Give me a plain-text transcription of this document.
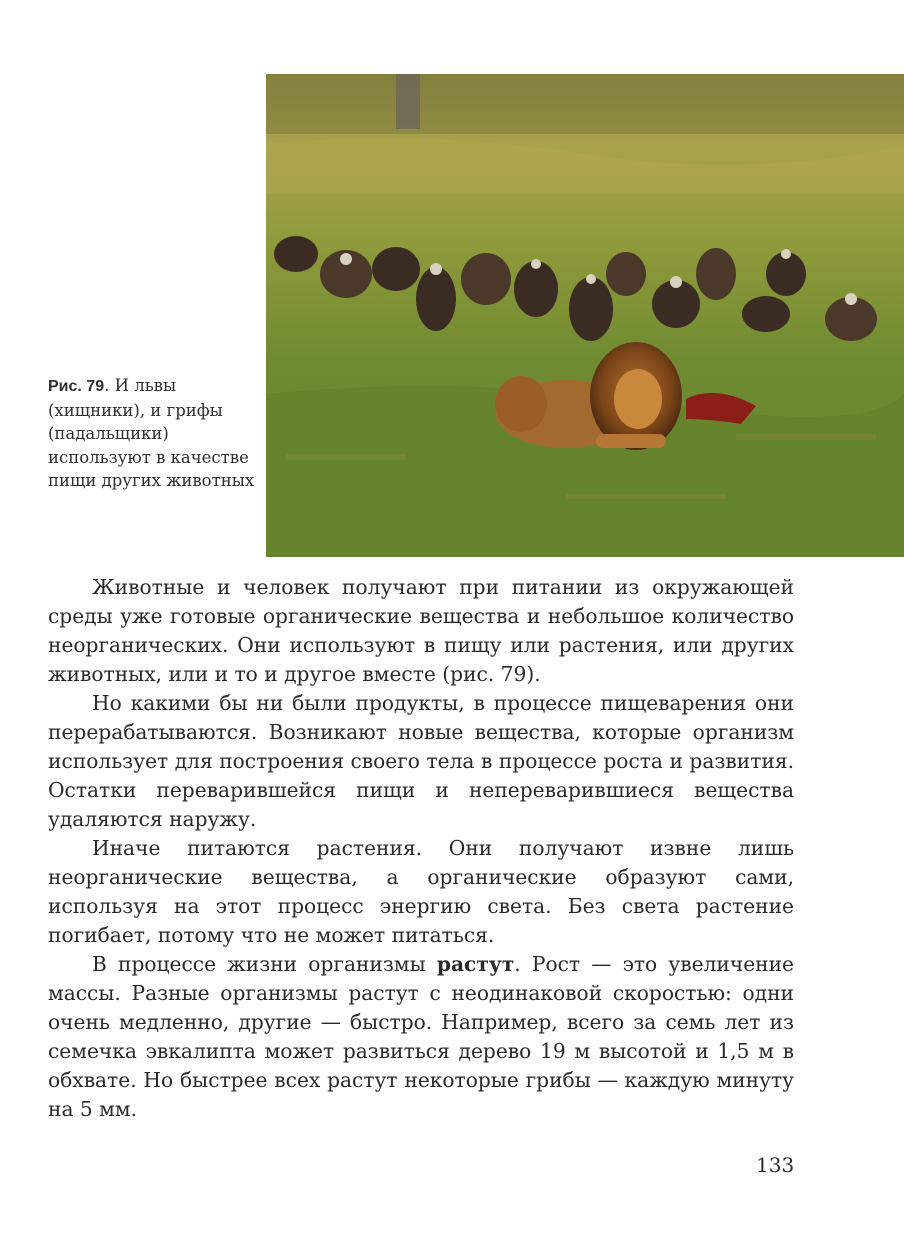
Рис. 79. И львы (хищники), и грифы (падальщики) используют в качестве пищи других животных

Животные и человек получают при питании из окружающей среды уже готовые органические вещества и небольшое количество неорганических. Они используют в пищу или растения, или других животных, или и то и другое вместе (рис. 79).

Но какими бы ни были продукты, в процессе пищеварения они перерабатываются. Возникают новые вещества, которые организм использует для построения своего тела в процессе роста и развития. Остатки переварившейся пищи и непереварившиеся вещества удаляются наружу.

Иначе питаются растения. Они получают извне лишь неорганические вещества, а органические образуют сами, используя на этот процесс энергию света. Без света растение погибает, потому что не может питаться.

В процессе жизни организмы растут. Рост — это увеличение массы. Разные организмы растут с неодинаковой скоростью: одни очень медленно, другие — быстро. Например, всего за семь лет из семечка эвкалипта может развиться дерево 19 м высотой и 1,5 м в обхвате. Но быстрее всех растут некоторые грибы — каждую минуту на 5 мм.

133
